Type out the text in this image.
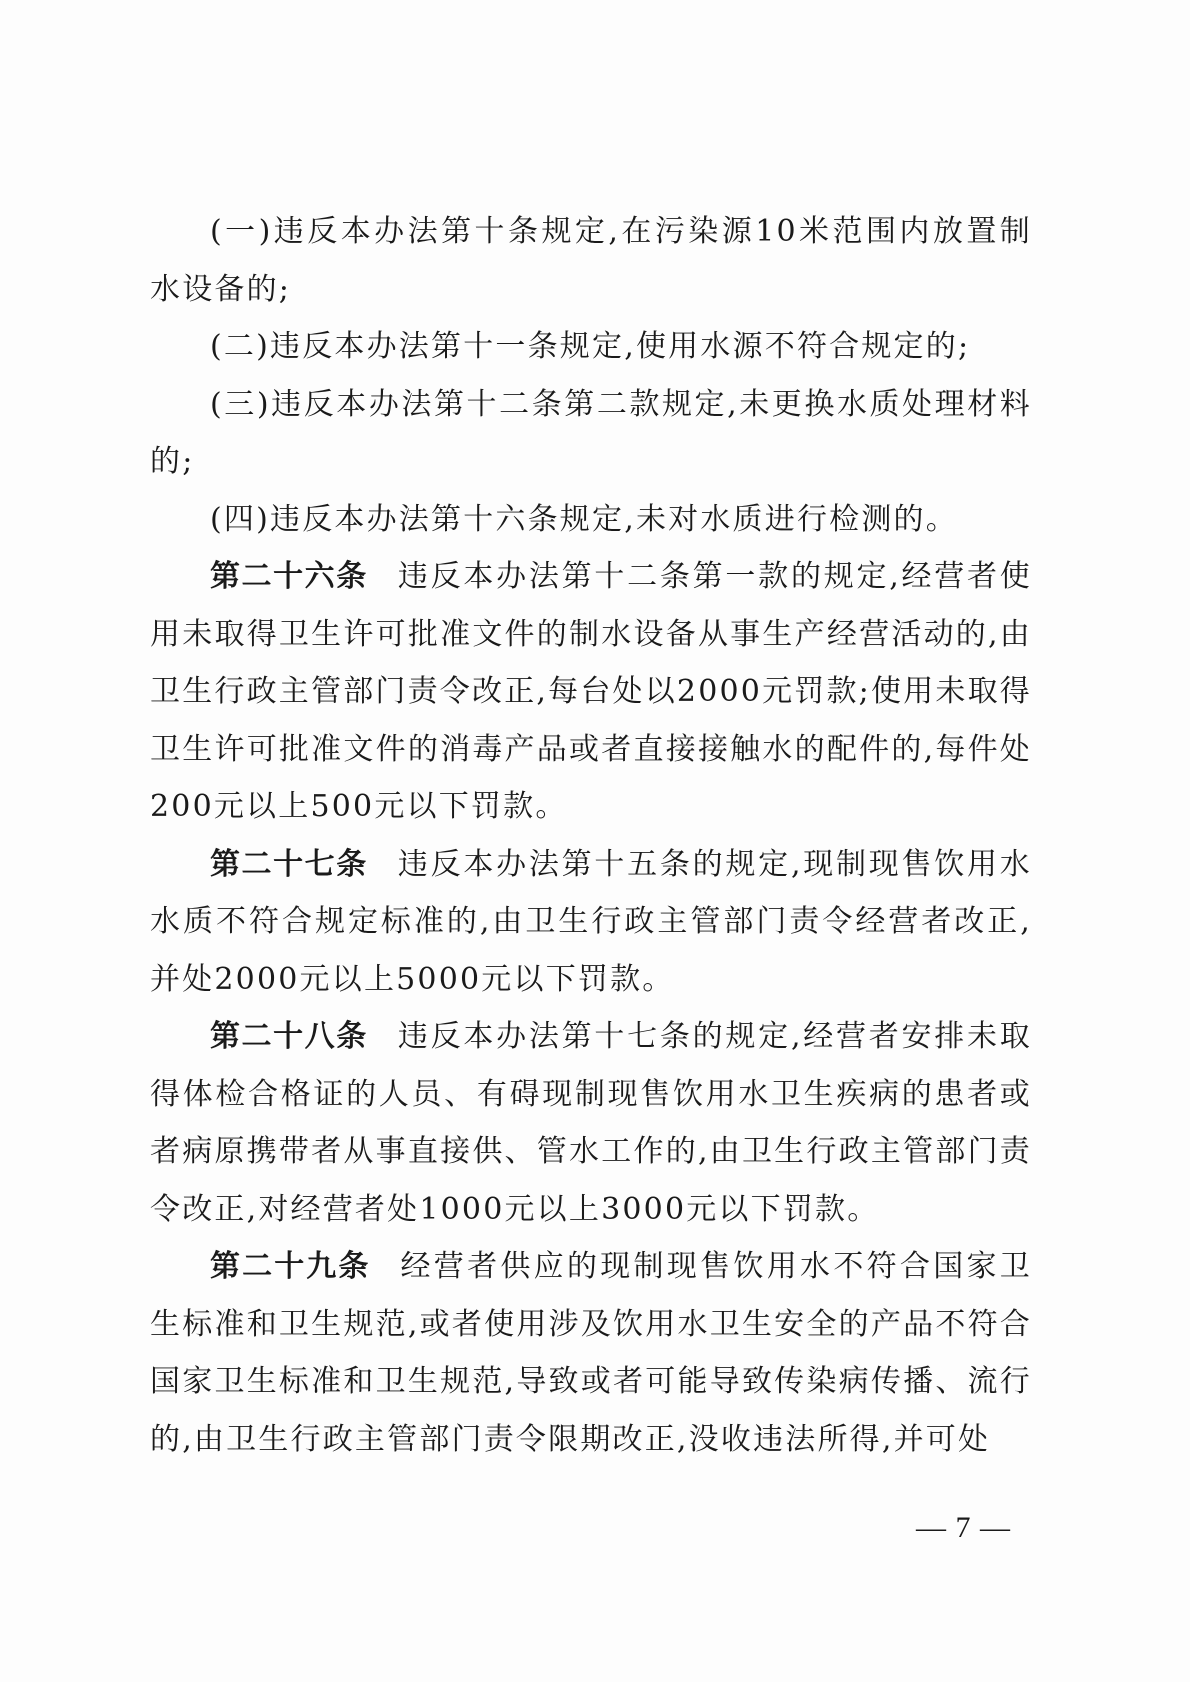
(一)违反本办法第十条规定,在污染源10米范围内放置制水设备的;

(二)违反本办法第十一条规定,使用水源不符合规定的;

(三)违反本办法第十二条第二款规定,未更换水质处理材料的;

(四)违反本办法第十六条规定,未对水质进行检测的。

第二十六条 违反本办法第十二条第一款的规定,经营者使用未取得卫生许可批准文件的制水设备从事生产经营活动的,由卫生行政主管部门责令改正,每台处以2000元罚款;使用未取得卫生许可批准文件的消毒产品或者直接接触水的配件的,每件处200元以上500元以下罚款。

第二十七条 违反本办法第十五条的规定,现制现售饮用水水质不符合规定标准的,由卫生行政主管部门责令经营者改正,并处2000元以上5000元以下罚款。

第二十八条 违反本办法第十七条的规定,经营者安排未取得体检合格证的人员、有碍现制现售饮用水卫生疾病的患者或者病原携带者从事直接供、管水工作的,由卫生行政主管部门责令改正,对经营者处1000元以上3000元以下罚款。

第二十九条 经营者供应的现制现售饮用水不符合国家卫生标准和卫生规范,或者使用涉及饮用水卫生安全的产品不符合国家卫生标准和卫生规范,导致或者可能导致传染病传播、流行的,由卫生行政主管部门责令限期改正,没收违法所得,并可处

— 7 —
